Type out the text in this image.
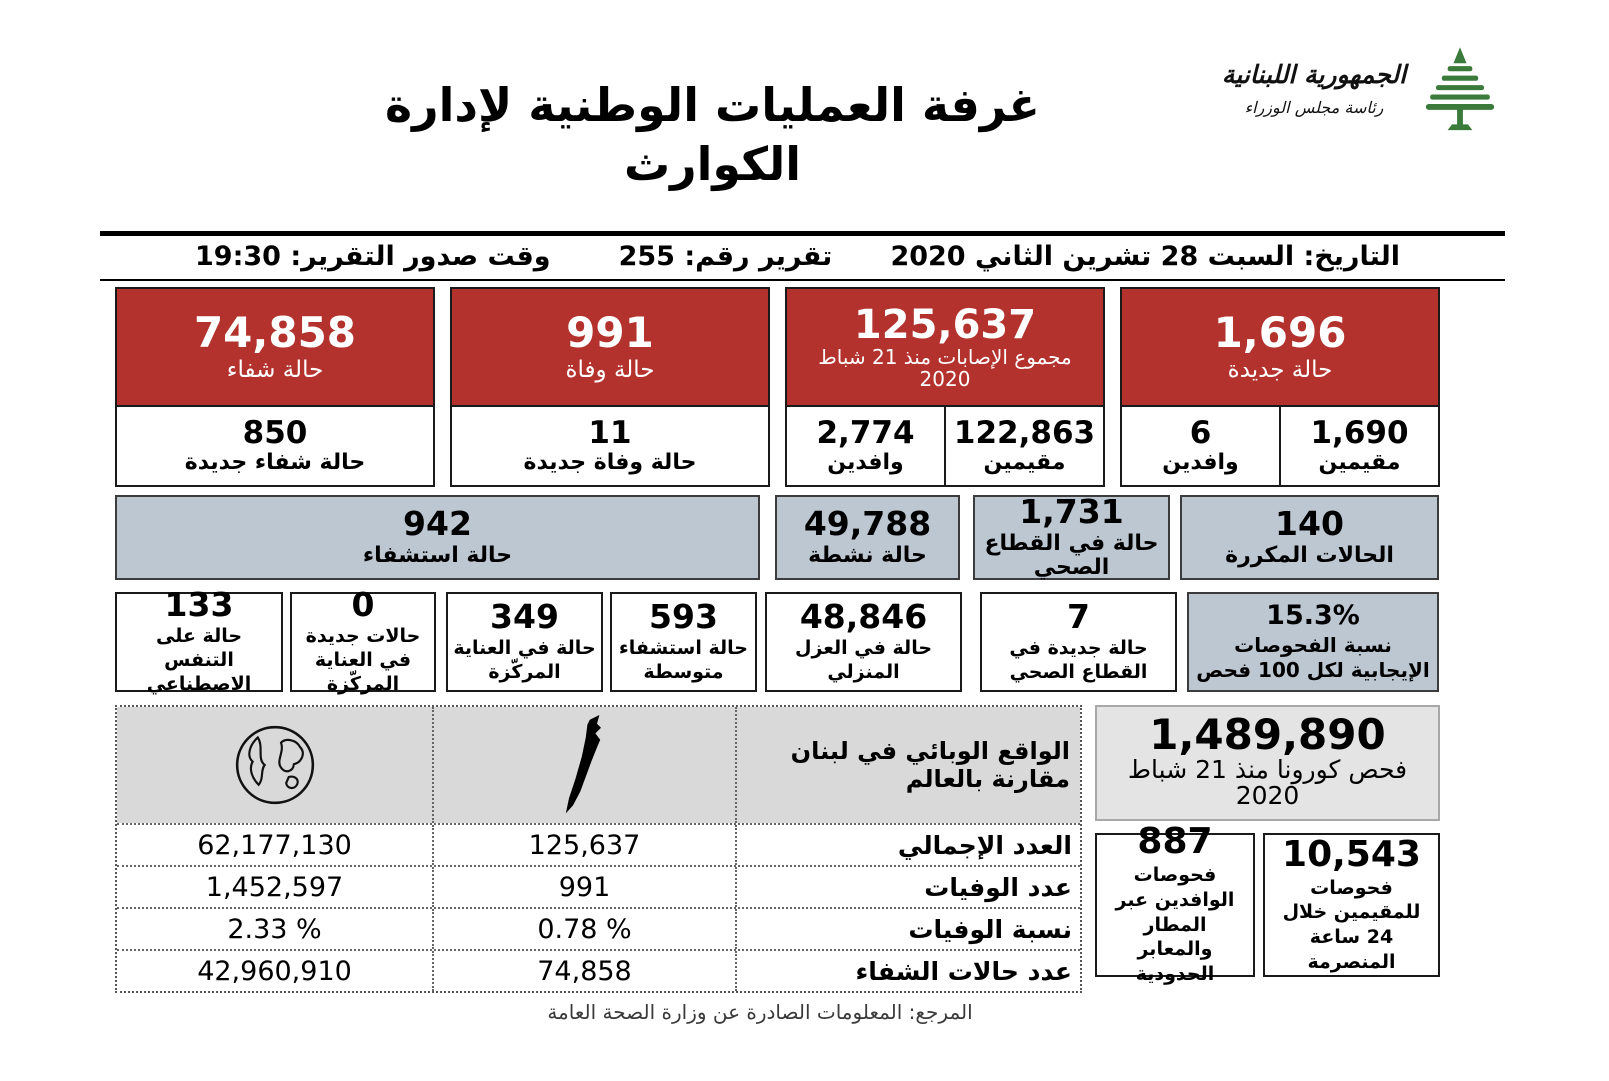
الجمهورية اللبنانية
رئاسة مجلس الوزراء
غرفة العمليات الوطنية لإدارة
الكوارث
التاريخ: السبت 28 تشرين الثاني 2020
تقرير رقم: 255
وقت صدور التقرير: 19:30
74,858
حالة شفاء
850
حالة شفاء جديدة
991
حالة وفاة
11
حالة وفاة جديدة
125,637
مجموع الإصابات منذ 21 شباط 2020
2,774
وافدين
122,863
مقيمين
1,696
حالة جديدة
6
وافدين
1,690
مقيمين
942
حالة استشفاء
49,788
حالة نشطة
1,731
حالة في القطاع الصحي
140
الحالات المكررة
133
حالة على التنفس الاصطناعي
0
حالات جديدة في العناية المركّزة
349
حالة في العناية المركّزة
593
حالة استشفاء متوسطة
48,846
حالة في العزل المنزلي
7
حالة جديدة في القطاع الصحي
15.3%
نسبة الفحوصات الإيجابية لكل 100 فحص
الواقع الوبائي في لبنان مقارنة بالعالم
62,177,130	125,637	العدد الإجمالي
1,452,597	991	عدد الوفيات
2.33 %	0.78 %	نسبة الوفيات
42,960,910	74,858	عدد حالات الشفاء
1,489,890
فحص كورونا منذ 21 شباط 2020
887
فحوصات الوافدين عبر المطار والمعابر الحدودية
10,543
فحوصات للمقيمين خلال 24 ساعة المنصرمة
المرجع: المعلومات الصادرة عن وزارة الصحة العامة
